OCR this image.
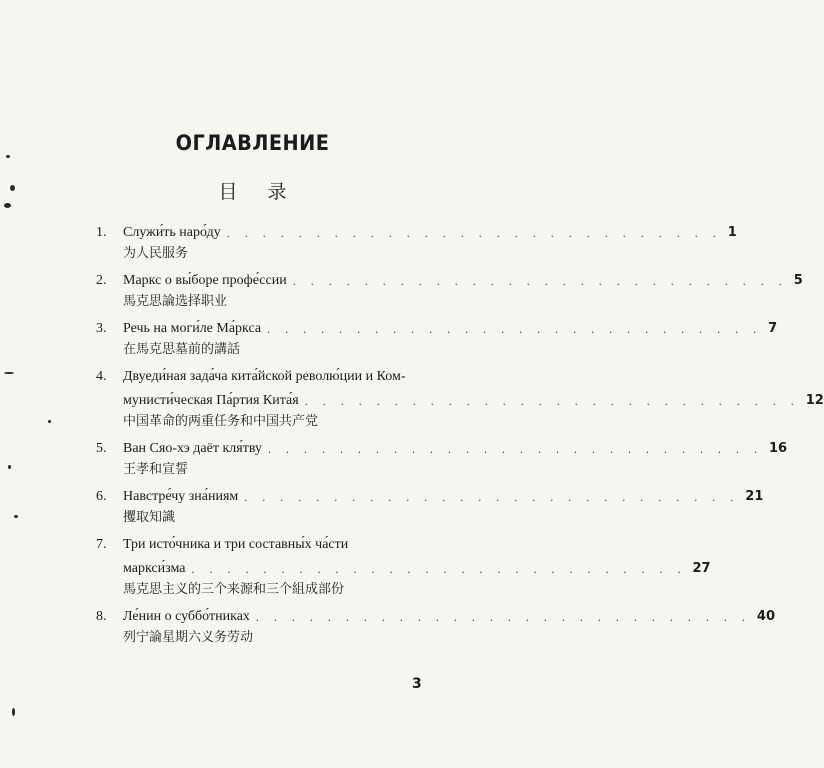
ОГЛАВЛЕНИЕ
目录
1.	Служи́ть наро́ду . . . . . . . . . . . . . . . . . . . . . . . . . . . . 1
为人民服务
2.	Маркс о вы́боре профе́ссии . . . . . . . . . . . . . . . . . . . . . . . . . . . . 5
馬克思論选择职业
3.	Речь на моги́ле Ма́ркса . . . . . . . . . . . . . . . . . . . . . . . . . . . . 7
在馬克思墓前的講話
4.	Двуеди́ная зада́ча кита́йской револю́ции и Ком-
мунисти́ческая Па́ртия Кита́я . . . . . . . . . . . . . . . . . . . . . . . . . . . . 12
中国革命的两重任务和中国共产党
5.	Ван Сяо-хэ даёт кля́тву . . . . . . . . . . . . . . . . . . . . . . . . . . . . 16
王孝和宣誓
6.	Навстре́чу зна́ниям . . . . . . . . . . . . . . . . . . . . . . . . . . . . 21
攫取知識
7.	Три исто́чника и три составны́х ча́сти
маркси́зма . . . . . . . . . . . . . . . . . . . . . . . . . . . . 27
馬克思主义的三个来源和三个組成部份
8.	Ле́нин о суббо́тниках . . . . . . . . . . . . . . . . . . . . . . . . . . . . 40
列宁論星期六义务劳动
3
